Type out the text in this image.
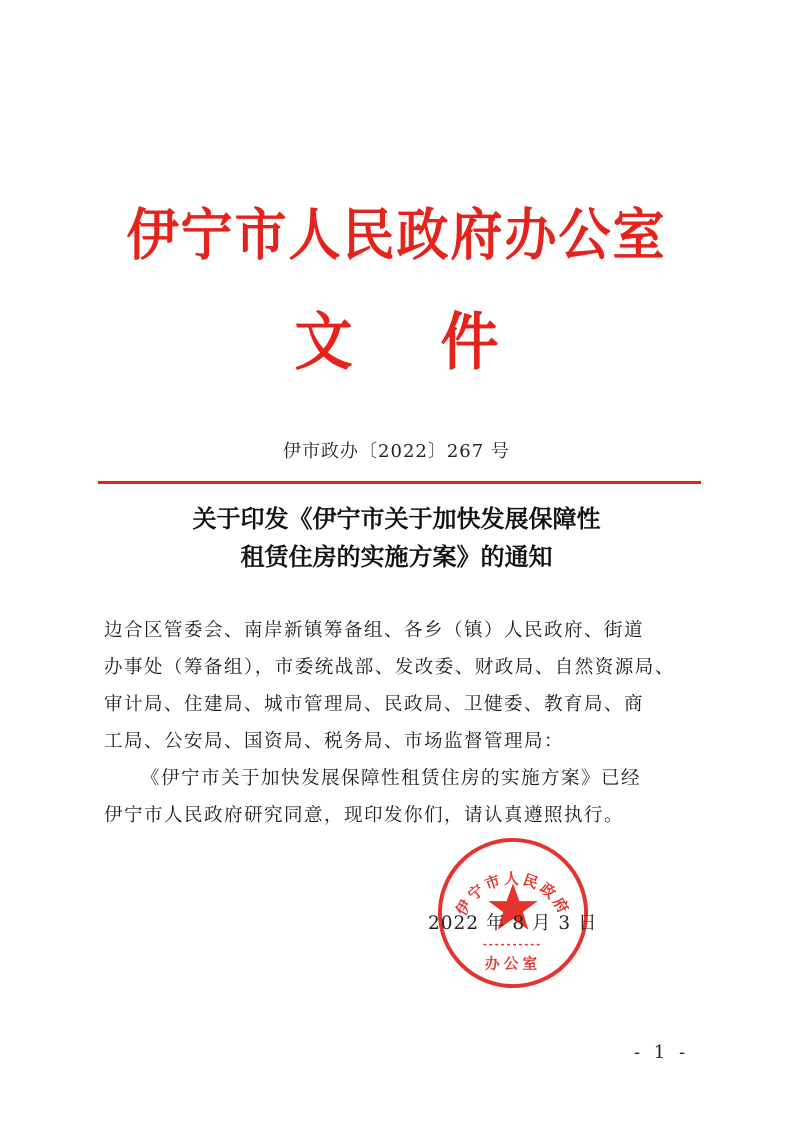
伊宁市人民政府办公室
文件
伊市政办〔2022〕267 号
关于印发《伊宁市关于加快发展保障性
租赁住房的实施方案》的通知
边合区管委会、南岸新镇筹备组、各乡（镇）人民政府、街道
办事处（筹备组），市委统战部、发改委、财政局、自然资源局、
审计局、住建局、城市管理局、民政局、卫健委、教育局、商
工局、公安局、国资局、税务局、市场监督管理局：
《伊宁市关于加快发展保障性租赁住房的实施方案》已经
伊宁市人民政府研究同意，现印发你们，请认真遵照执行。
伊宁市人民政府
办公室
2022 年 8 月 3 日
- 1 -
